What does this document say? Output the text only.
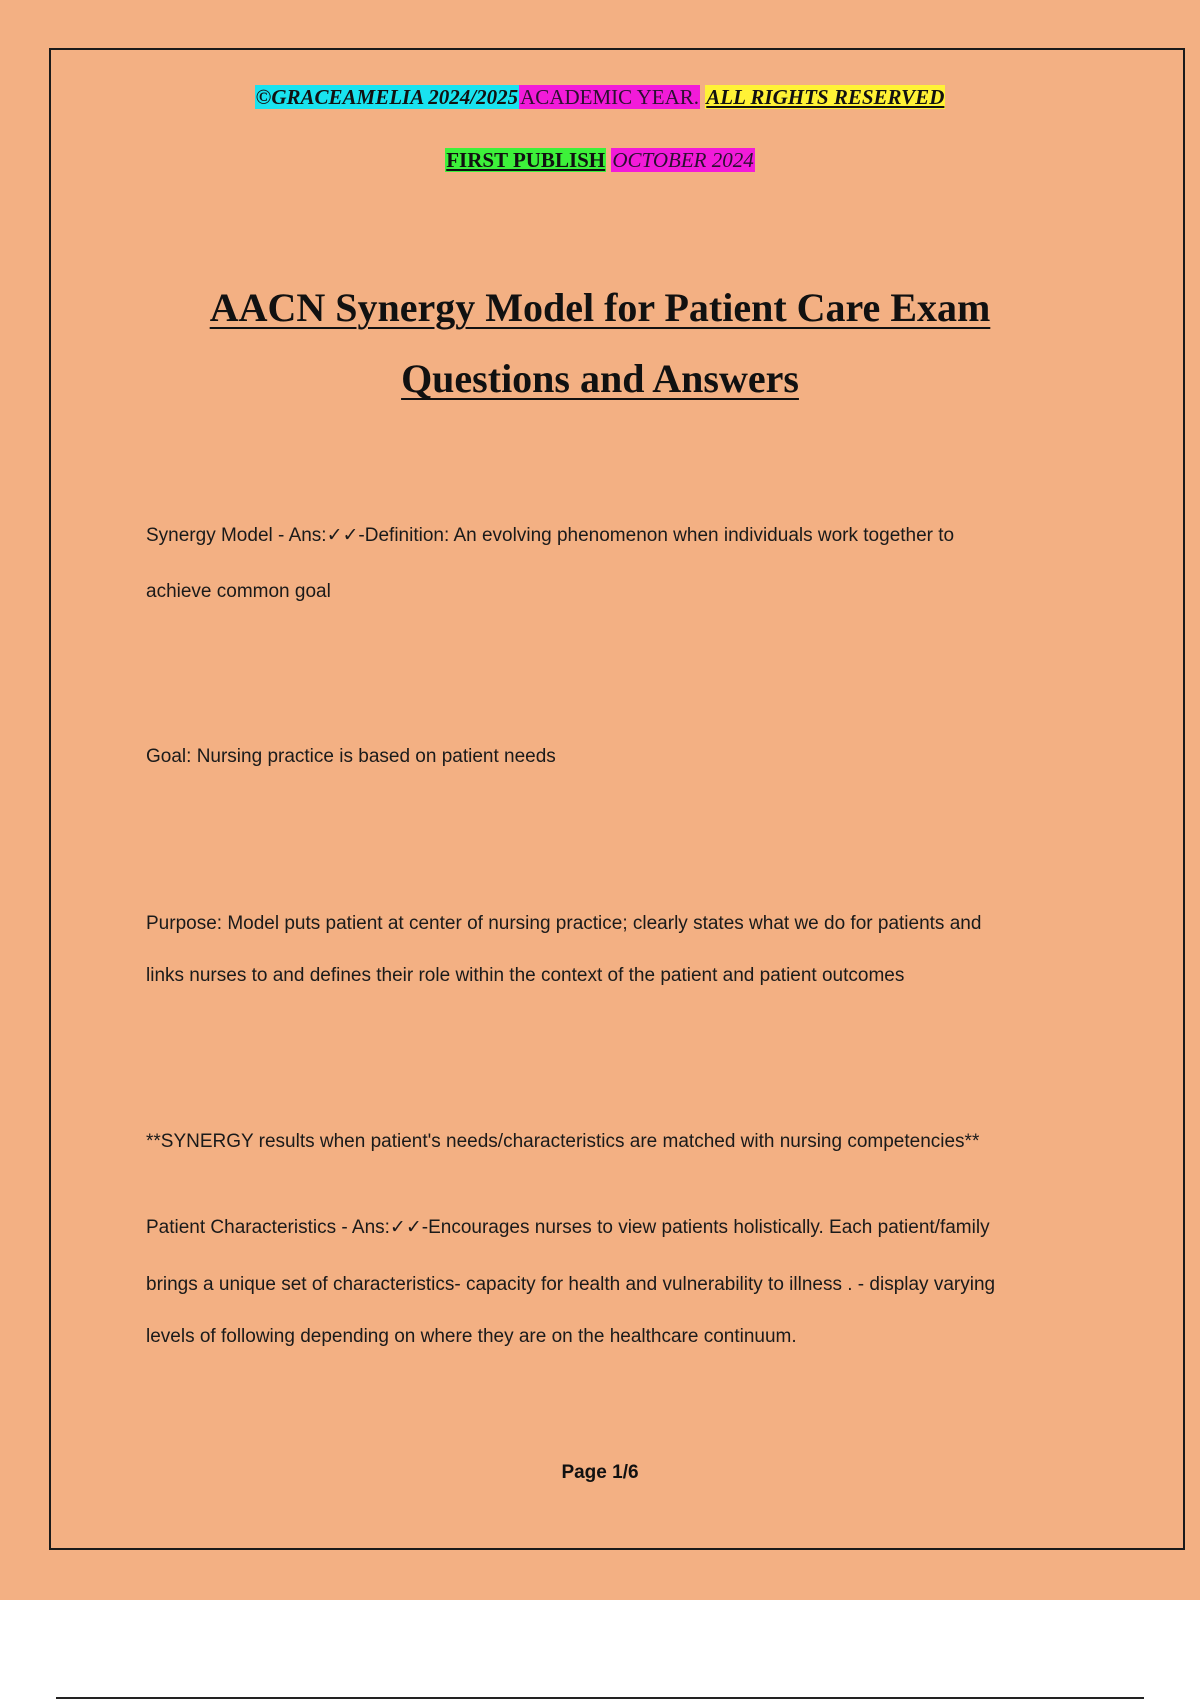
©GRACEAMELIA 2024/2025ACADEMIC YEAR. ALL RIGHTS RESERVED
FIRST PUBLISH OCTOBER 2024
AACN Synergy Model for Patient Care Exam
Questions and Answers
Synergy Model - Ans:✓✓-Definition: An evolving phenomenon when individuals work together to
achieve common goal
Goal: Nursing practice is based on patient needs
Purpose: Model puts patient at center of nursing practice; clearly states what we do for patients and
links nurses to and defines their role within the context of the patient and patient outcomes
**SYNERGY results when patient's needs/characteristics are matched with nursing competencies**
Patient Characteristics - Ans:✓✓-Encourages nurses to view patients holistically. Each patient/family
brings a unique set of characteristics- capacity for health and vulnerability to illness . - display varying
levels of following depending on where they are on the healthcare continuum.
Page 1/6
